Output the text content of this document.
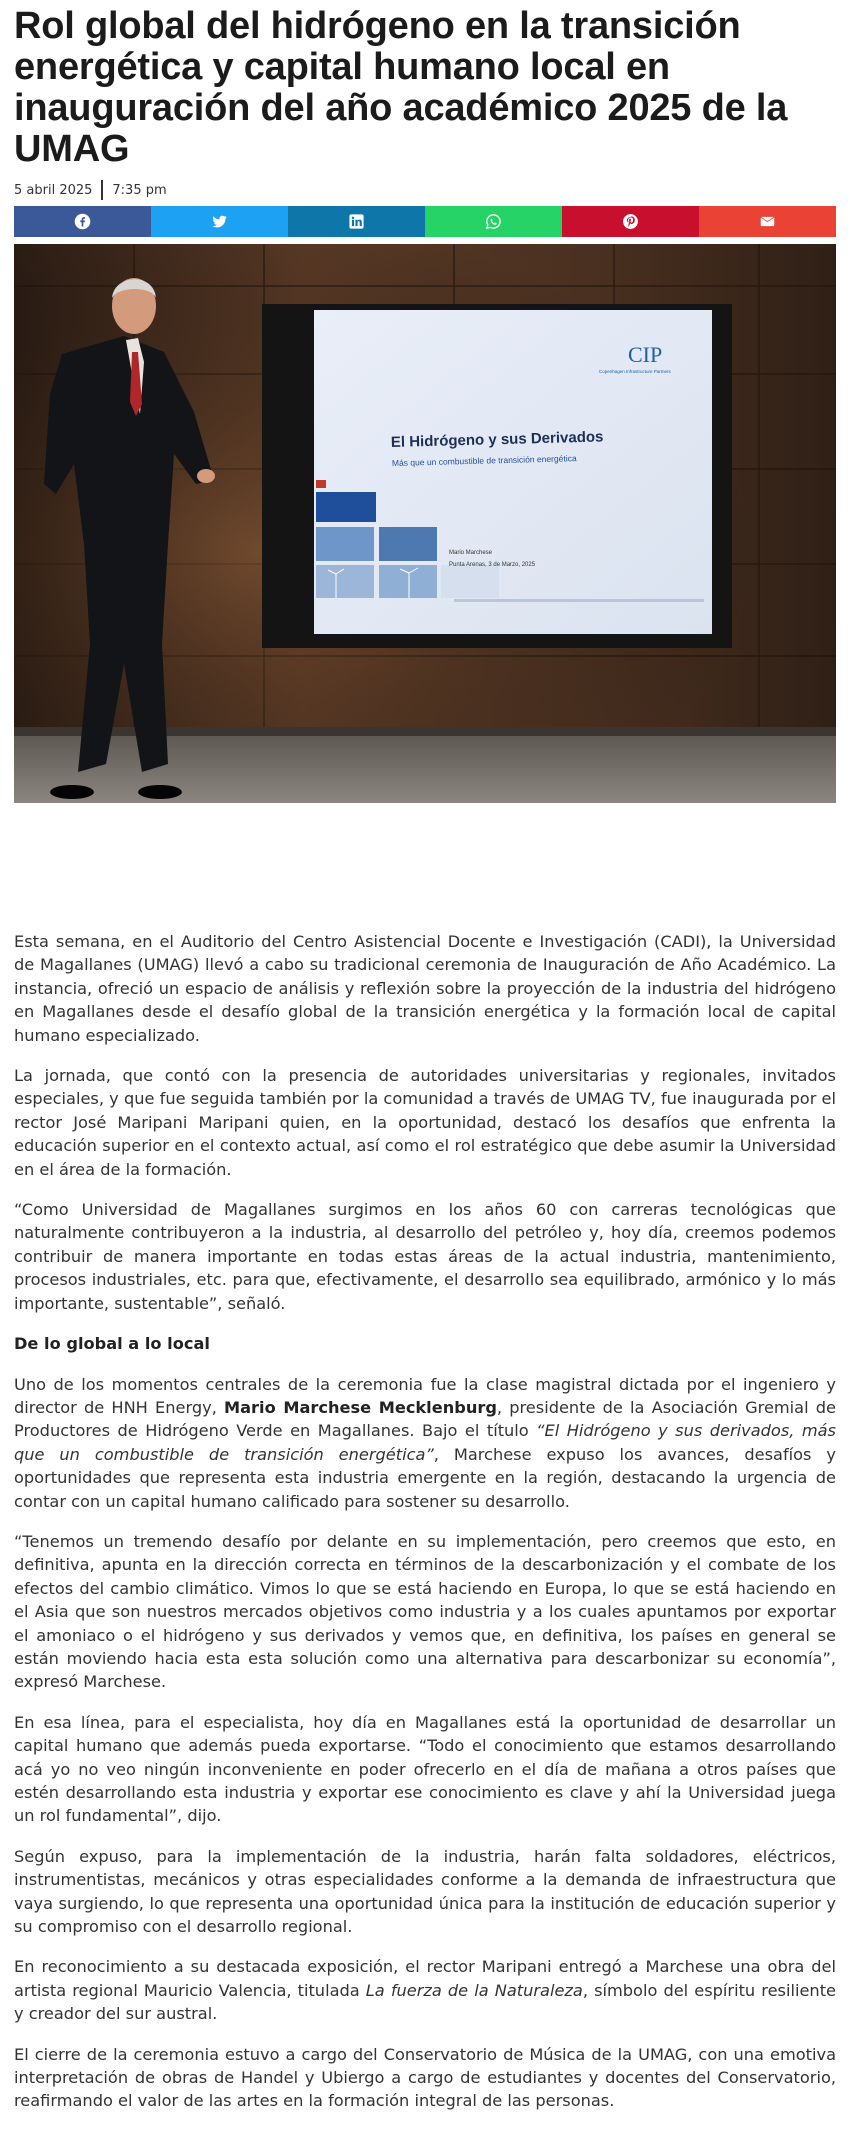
Rol global del hidrógeno en la transición energética y capital humano local en inauguración del año académico 2025 de la UMAG
5 abril 2025 7:35 pm
CIP
Copenhagen Infrastructure Partners
El Hidrógeno y sus Derivados
Más que un combustible de transición energética
Mario Marchese
Punta Arenas, 3 de Marzo, 2025

Esta semana, en el Auditorio del Centro Asistencial Docente e Investigación (CADI), la Universidad de Magallanes (UMAG) llevó a cabo su tradicional ceremonia de Inauguración de Año Académico. La instancia, ofreció un espacio de análisis y reflexión sobre la proyección de la industria del hidrógeno en Magallanes desde el desafío global de la transición energética y la formación local de capital humano especializado.

La jornada, que contó con la presencia de autoridades universitarias y regionales, invitados especiales, y que fue seguida también por la comunidad a través de UMAG TV, fue inaugurada por el rector José Maripani Maripani quien, en la oportunidad, destacó los desafíos que enfrenta la educación superior en el contexto actual, así como el rol estratégico que debe asumir la Universidad en el área de la formación.

“Como Universidad de Magallanes surgimos en los años 60 con carreras tecnológicas que naturalmente contribuyeron a la industria, al desarrollo del petróleo y, hoy día, creemos podemos contribuir de manera importante en todas estas áreas de la actual industria, mantenimiento, procesos industriales, etc. para que, efectivamente, el desarrollo sea equilibrado, armónico y lo más importante, sustentable”, señaló.

De lo global a lo local

Uno de los momentos centrales de la ceremonia fue la clase magistral dictada por el ingeniero y director de HNH Energy, Mario Marchese Mecklenburg, presidente de la Asociación Gremial de Productores de Hidrógeno Verde en Magallanes. Bajo el título “El Hidrógeno y sus derivados, más que un combustible de transición energética”, Marchese expuso los avances, desafíos y oportunidades que representa esta industria emergente en la región, destacando la urgencia de contar con un capital humano calificado para sostener su desarrollo.

“Tenemos un tremendo desafío por delante en su implementación, pero creemos que esto, en definitiva, apunta en la dirección correcta en términos de la descarbonización y el combate de los efectos del cambio climático. Vimos lo que se está haciendo en Europa, lo que se está haciendo en el Asia que son nuestros mercados objetivos como industria y a los cuales apuntamos por exportar el amoniaco o el hidrógeno y sus derivados y vemos que, en definitiva, los países en general se están moviendo hacia esta esta solución como una alternativa para descarbonizar su economía”, expresó Marchese.

En esa línea, para el especialista, hoy día en Magallanes está la oportunidad de desarrollar un capital humano que además pueda exportarse. “Todo el conocimiento que estamos desarrollando acá yo no veo ningún inconveniente en poder ofrecerlo en el día de mañana a otros países que estén desarrollando esta industria y exportar ese conocimiento es clave y ahí la Universidad juega un rol fundamental”, dijo.

Según expuso, para la implementación de la industria, harán falta soldadores, eléctricos, instrumentistas, mecánicos y otras especialidades conforme a la demanda de infraestructura que vaya surgiendo, lo que representa una oportunidad única para la institución de educación superior y su compromiso con el desarrollo regional.

En reconocimiento a su destacada exposición, el rector Maripani entregó a Marchese una obra del artista regional Mauricio Valencia, titulada La fuerza de la Naturaleza, símbolo del espíritu resiliente y creador del sur austral.

El cierre de la ceremonia estuvo a cargo del Conservatorio de Música de la UMAG, con una emotiva interpretación de obras de Handel y Ubiergo a cargo de estudiantes y docentes del Conservatorio, reafirmando el valor de las artes en la formación integral de las personas.
